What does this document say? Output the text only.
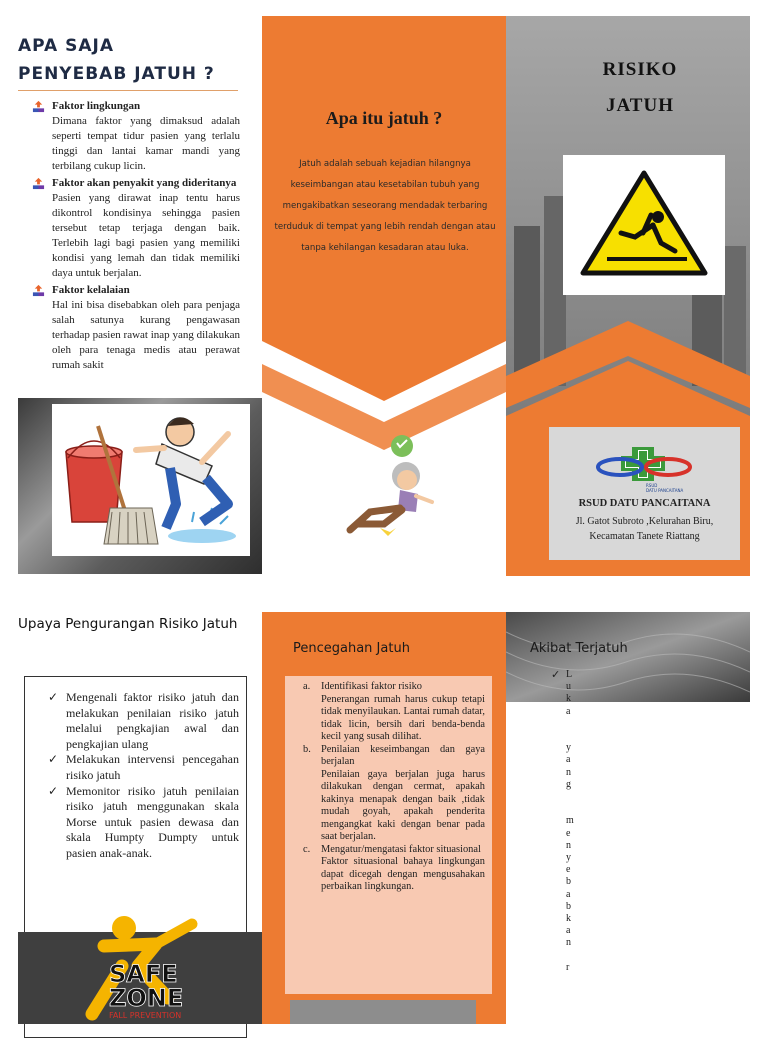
APA SAJA
PENYEBAB JATUH ?
Faktor lingkungan
Dimana faktor yang dimaksud adalah seperti tempat tidur pasien yang terlalu tinggi dan lantai kamar mandi yang terbilang cukup licin.
Faktor akan penyakit yang dideritanya
Pasien yang dirawat inap tentu harus dikontrol kondisinya sehingga pasien tersebut tetap terjaga dengan baik. Terlebih lagi bagi pasien yang memiliki kondisi yang lemah dan tidak memiliki daya untuk berjalan.
Faktor kelalaian
Hal ini bisa disebabkan oleh para penjaga salah satunya kurang pengawasan terhadap pasien rawat inap yang dilakukan oleh para tenaga medis atau perawat rumah sakit
Apa itu jatuh ?
Jatuh adalah sebuah kejadian hilangnya keseimbangan atau kesetabilan tubuh yang mengakibatkan seseorang mendadak terbaring terduduk di tempat yang lebih rendah dengan atau tanpa kehilangan kesadaran atau luka.
RISIKO
JATUH
RSUD
DATU PANCAITANA
RSUD DATU PANCAITANA
Jl. Gatot Subroto ,Kelurahan Biru,
Kecamatan Tanete Riattang
Upaya Pengurangan Risiko Jatuh
✓ Mengenali faktor risiko jatuh dan melakukan penilaian risiko jatuh melalui pengkajian awal dan pengkajian ulang
✓ Melakukan intervensi pencegahan risiko jatuh
✓ Memonitor risiko jatuh penilaian risiko jatuh menggunakan skala Morse untuk pasien dewasa dan skala Humpty Dumpty untuk pasien anak-anak.
SAFE
ZONE
FALL PREVENTION
Pencegahan Jatuh
a. Identifikasi faktor risiko
Penerangan rumah harus cukup tetapi tidak menyilaukan. Lantai rumah datar, tidak licin, bersih dari benda-benda kecil yang susah dilihat.
b. Penilaian keseimbangan dan gaya berjalan
Penilaian gaya berjalan juga harus dilakukan dengan cermat, apakah kakinya menapak dengan baik ,tidak mudah goyah, apakah penderita mengangkat kaki dengan benar pada saat berjalan.
c. Mengatur/mengatasi faktor situasional
Faktor situasional bahaya lingkungan dapat dicegah dengan mengusahakan perbaikan lingkungan.
Akibat Terjatuh
✓ L
u
k
a
y
a
n
g
m
e
n
y
e
b
a
b
k
a
n
r
